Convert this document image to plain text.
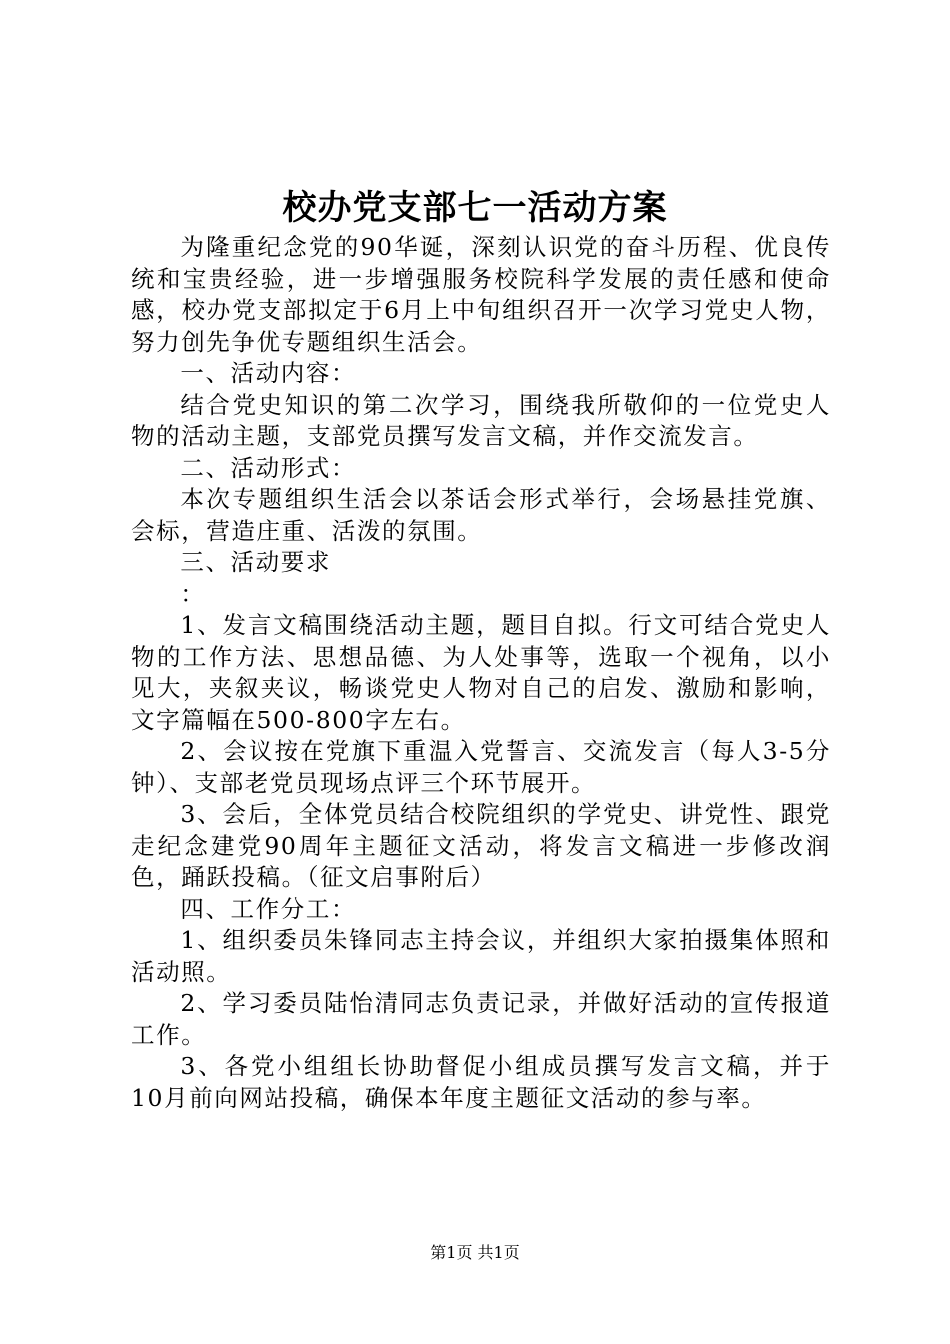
校办党支部七一活动方案

为隆重纪念党的90华诞，深刻认识党的奋斗历程、优良传统和宝贵经验，进一步增强服务校院科学发展的责任感和使命感，校办党支部拟定于6月上中旬组织召开一次学习党史人物，努力创先争优专题组织生活会。

一、活动内容：

结合党史知识的第二次学习，围绕我所敬仰的一位党史人物的活动主题，支部党员撰写发言文稿，并作交流发言。

二、活动形式：

本次专题组织生活会以茶话会形式举行，会场悬挂党旗、会标，营造庄重、活泼的氛围。

三、活动要求

：

1、发言文稿围绕活动主题，题目自拟。行文可结合党史人物的工作方法、思想品德、为人处事等，选取一个视角，以小见大，夹叙夹议，畅谈党史人物对自己的启发、激励和影响，文字篇幅在500-800字左右。

2、会议按在党旗下重温入党誓言、交流发言（每人3-5分钟）、支部老党员现场点评三个环节展开。

3、会后，全体党员结合校院组织的学党史、讲党性、跟党走纪念建党90周年主题征文活动，将发言文稿进一步修改润色，踊跃投稿。（征文启事附后）

四、工作分工：

1、组织委员朱锋同志主持会议，并组织大家拍摄集体照和活动照。

2、学习委员陆怡清同志负责记录，并做好活动的宣传报道工作。

3、各党小组组长协助督促小组成员撰写发言文稿，并于10月前向网站投稿，确保本年度主题征文活动的参与率。

第1页 共1页
